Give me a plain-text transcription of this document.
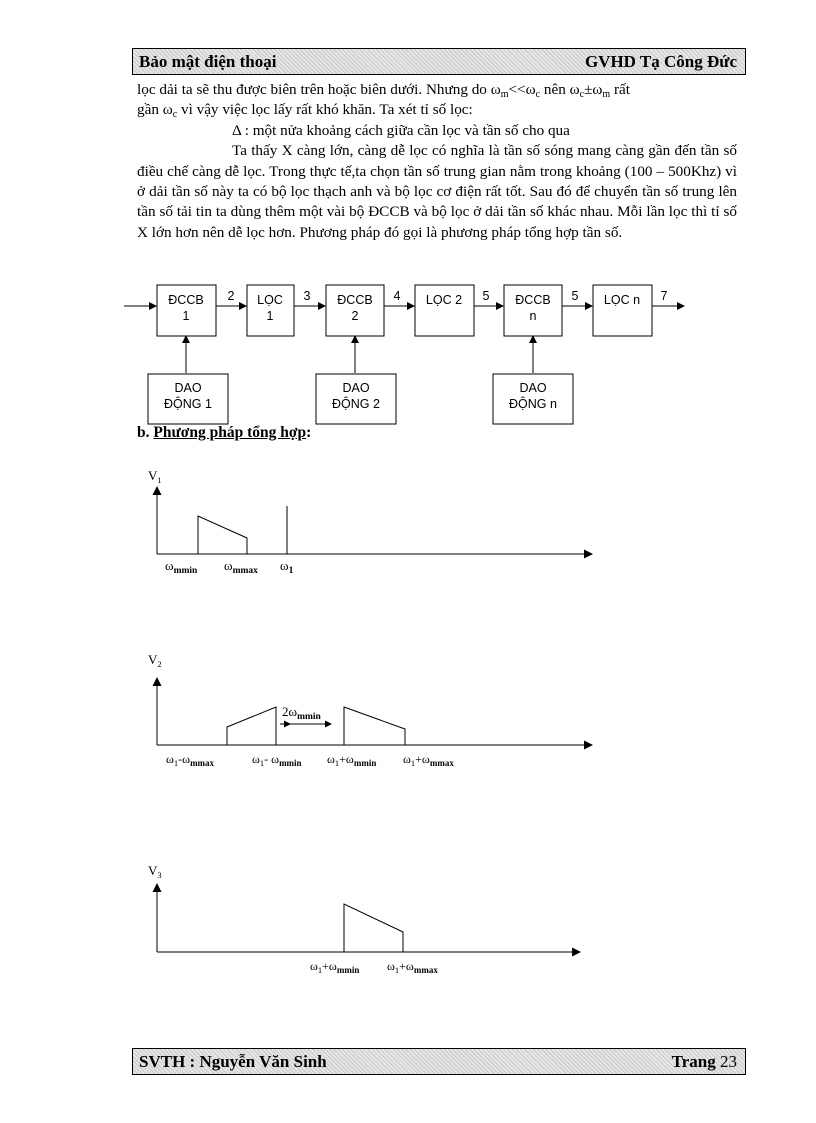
Bảo mật điện thoại	GVHD Tạ Công Đức

lọc dải ta sẽ thu được biên trên hoặc biên dưới. Nhưng do $\omega_m<<\omega_c$ nên $\omega_c\pm\omega_m$ rất

gần $\omega_c$ vì vậy việc lọc lấy rất khó khăn. Ta xét tỉ số lọc:

Δ : một nửa khoảng cách giữa cần lọc và tần số cho qua

Ta thấy X càng lớn, càng dễ lọc có nghĩa là tần số sóng mang càng gần đến tần số điều chế càng dễ lọc. Trong thực tế,ta chọn tần số trung gian nằm trong khoảng (100 – 500Khz) vì ở dải tần số này ta có bộ lọc thạch anh và bộ lọc cơ điện rất tốt. Sau đó để chuyển tần số trung lên tần số tải tin ta dùng thêm một vài bộ ĐCCB và bộ lọc ở dải tần số khác nhau. Mỗi lần lọc thì tỉ số X lớn hơn nên dễ lọc hơn. Phương pháp đó gọi là phương pháp tổng hợp tần số.

ĐCCB
1
LỌC
1
ĐCCB
2
LỌC 2	ĐCCB
n
LỌC n
DAO
ĐỘNG 1
DAO
ĐỘNG 2
DAO
ĐỘNG n
2	3	4	5	5	7
b. Phương pháp tổng hợp:
$V_1$
$\omega_{mmin}$ $\omega_{mmax}$ $\omega_1$
$V_2$
$2\omega_{mmin}$
$\omega_1-\omega_{mmax}$	$\omega_1-$ $\omega_{mmin}$ $\omega_1+\omega_{mmin}$ $\omega_1+\omega_{mmax}$
$V_3$
$\omega_1+\omega_{mmin}$ $\omega_1+\omega_{mmax}$
SVTH : Nguyễn Văn Sinh	Trang 23
